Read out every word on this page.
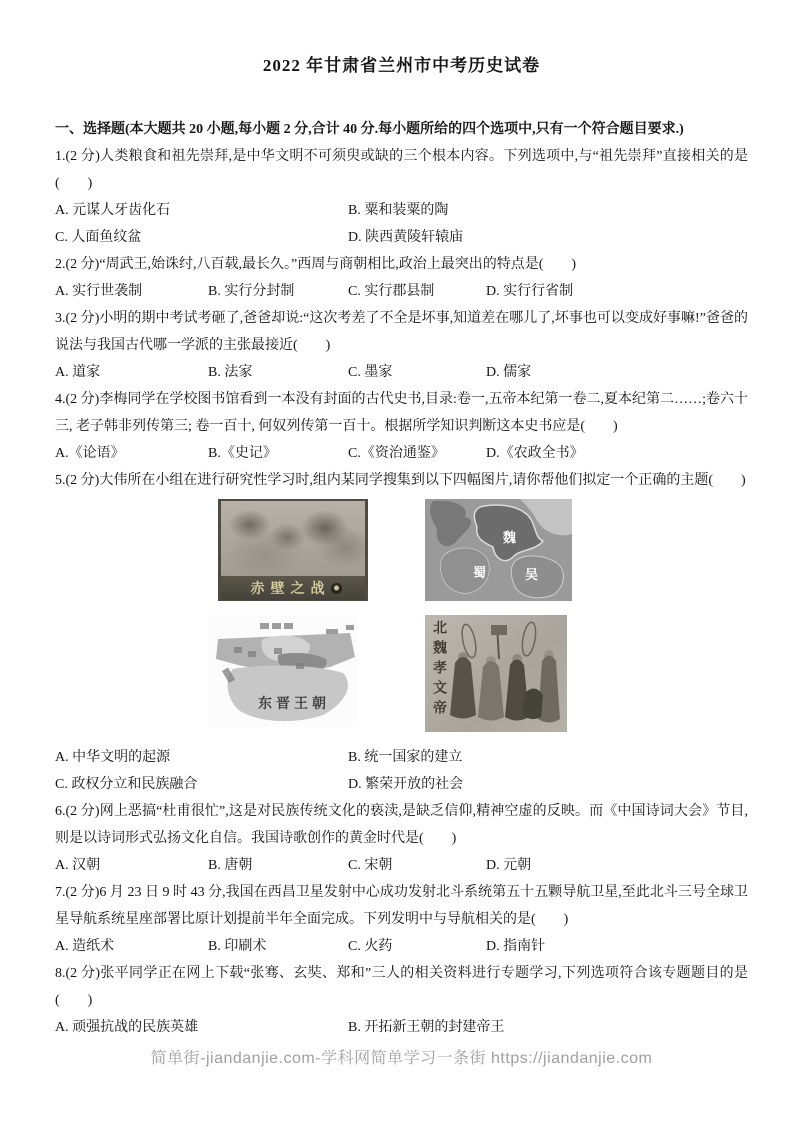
2022 年甘肃省兰州市中考历史试卷

一、选择题(本大题共 20 小题,每小题 2 分,合计 40 分.每小题所给的四个选项中,只有一个符合题目要求.)

1.(2 分)人类粮食和祖先崇拜,是中华文明不可须臾或缺的三个根本内容。下列选项中,与“祖先崇拜”直接相关的是(　　)

A. 元谋人牙齿化石	B. 粟和装粟的陶
C. 人面鱼纹盆	D. 陕西黄陵轩辕庙

2.(2 分)“周武王,始诛纣,八百载,最长久。”西周与商朝相比,政治上最突出的特点是(　　)

A. 实行世袭制	B. 实行分封制	C. 实行郡县制	D. 实行行省制

3.(2 分)小明的期中考试考砸了,爸爸却说:“这次考差了不全是坏事,知道差在哪儿了,坏事也可以变成好事嘛!”爸爸的说法与我国古代哪一学派的主张最接近(　　)

A. 道家	B. 法家	C. 墨家	D. 儒家

4.(2 分)李梅同学在学校图书馆看到一本没有封面的古代史书,目录:卷一,五帝本纪第一卷二,夏本纪第二……;卷六十三, 老子韩非列传第三; 卷一百十, 何奴列传第一百十。根据所学知识判断这本史书应是(　　)

A.《论语》	B.《史记》	C.《资治通鉴》	D.《农政全书》

5.(2 分)大伟所在小组在进行研究性学习时,组内某同学搜集到以下四幅图片,请你帮他们拟定一个正确的主题(　　)

赤壁之战
魏
蜀	吴
东晋王朝	北魏孝文帝
A. 中华文明的起源	B. 统一国家的建立
C. 政权分立和民族融合	D. 繁荣开放的社会

6.(2 分)网上恶搞“杜甫很忙”,这是对民族传统文化的亵渎,是缺乏信仰,精神空虚的反映。而《中国诗词大会》节目,则是以诗词形式弘扬文化自信。我国诗歌创作的黄金时代是(　　)

A. 汉朝	B. 唐朝	C. 宋朝	D. 元朝

7.(2 分)6 月 23 日 9 时 43 分,我国在西昌卫星发射中心成功发射北斗系统第五十五颗导航卫星,至此北斗三号全球卫星导航系统星座部署比原计划提前半年全面完成。下列发明中与导航相关的是(　　)

A. 造纸术	B. 印刷术	C. 火药	D. 指南针

8.(2 分)张平同学正在网上下载“张骞、玄奘、郑和”三人的相关资料进行专题学习,下列选项符合该专题题目的是(　　)

A. 顽强抗战的民族英雄	B. 开拓新王朝的封建帝王

简单街-jiandanjie.com-学科网简单学习一条街 https://jiandanjie.com
